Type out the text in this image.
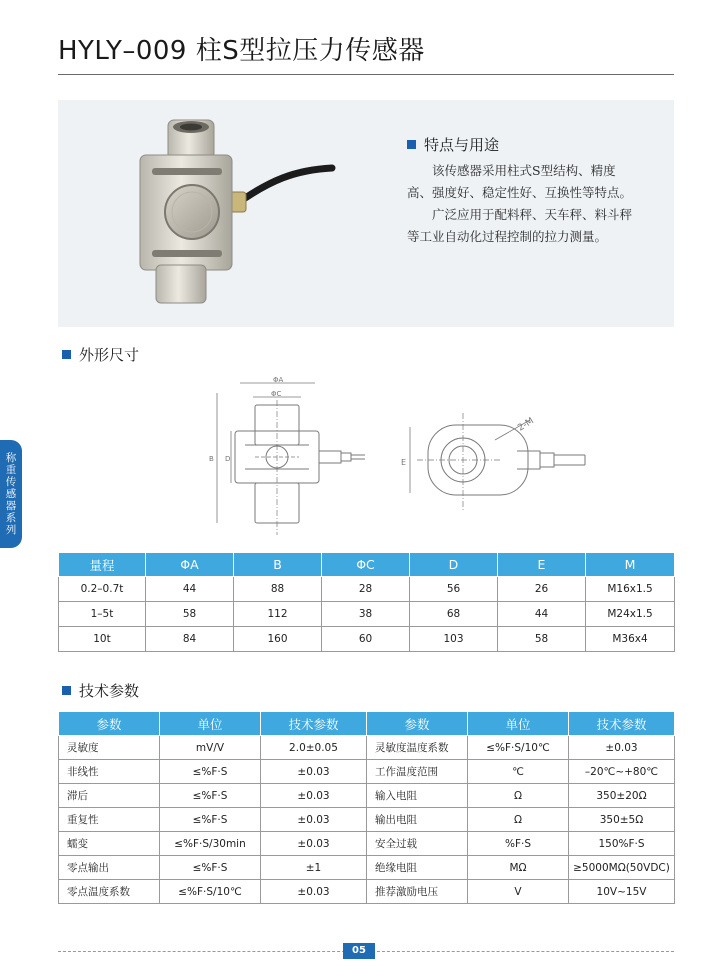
HYLY–009 柱S型拉压力传感器
特点与用途

该传感器采用柱式S型结构、精度高、强度好、稳定性好、互换性等特点。

广泛应用于配料秤、天车秤、料斗秤等工业自动化过程控制的拉力测量。

称重传感器系列
外形尺寸
ΦA
ΦC
B D	E
2-M
量程	ΦA	B	ΦC	D	E	M
0.2–0.7t	44	88	28	56	26	M16x1.5
1–5t	58	112	38	68	44	M24x1.5
10t	84	160	60	103	58	M36x4
技术参数
参数	单位	技术参数	参数	单位	技术参数
灵敏度	mV/V	2.0±0.05	灵敏度温度系数	≤%F·S/10℃	±0.03
非线性	≤%F·S	±0.03	工作温度范围	℃	–20℃~+80℃
滞后	≤%F·S	±0.03	输入电阻	Ω	350±20Ω
重复性	≤%F·S	±0.03	输出电阻	Ω	350±5Ω
蠕变	≤%F·S/30min	±0.03	安全过载	%F·S	150%F·S
零点输出	≤%F·S	±1	绝缘电阻	MΩ	≥5000MΩ(50VDC)
零点温度系数	≤%F·S/10℃	±0.03	推荐激励电压	V	10V~15V
05
